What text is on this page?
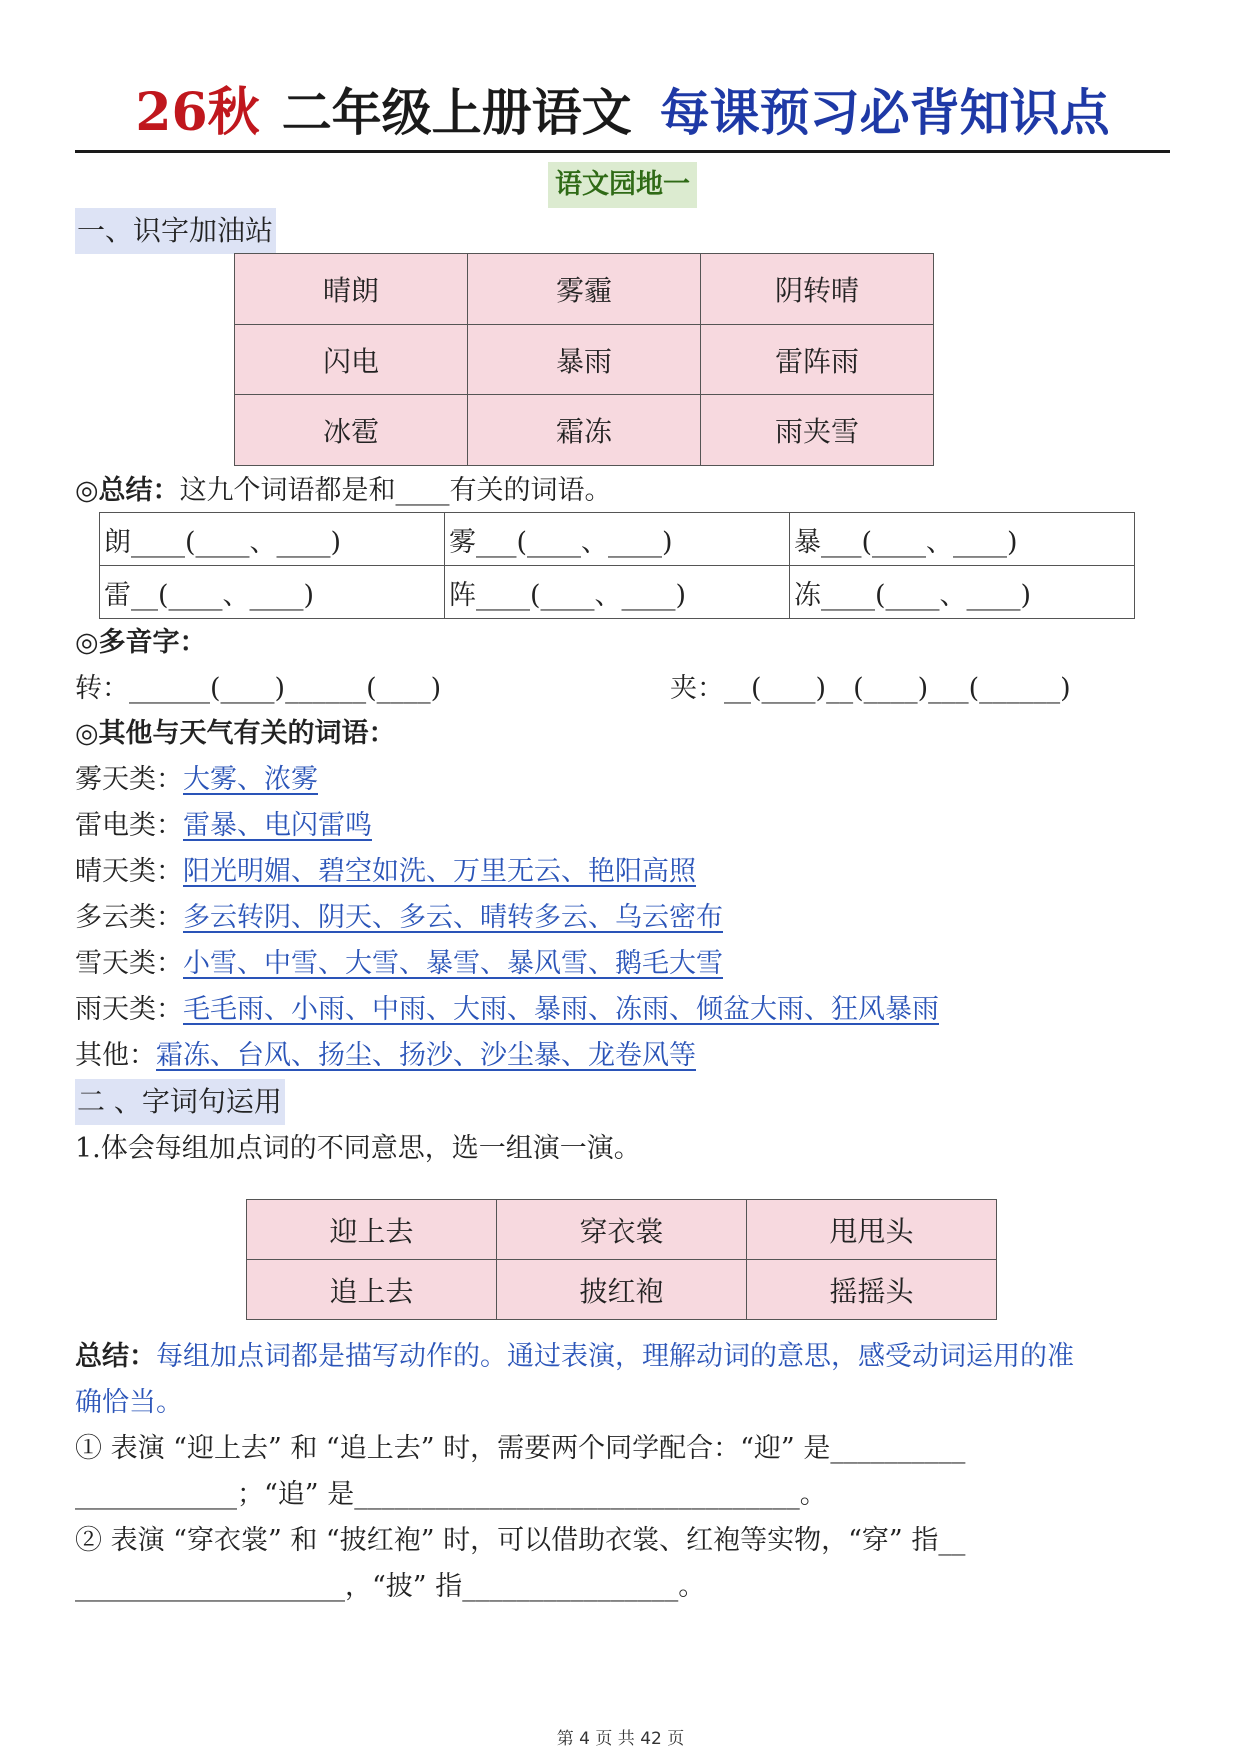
26秋 二年级上册语文 每课预习必背知识点
语文园地一
一、识字加油站
晴朗	雾霾	阴转晴
闪电	暴雨	雷阵雨
冰雹	霜冻	雨夹雪
◎总结：这九个词语都是和____有关的词语。
朗____(____、____)	雾___(____、____)	暴___(____、____)
雷__(____、____)	阵____(____、____)	冻____(____、____)
◎多音字：
转：______(____)______(____)	夹：__(____)__(____)___(______)
◎其他与天气有关的词语：
雾天类：大雾、浓雾
雷电类：雷暴、电闪雷鸣
晴天类：阳光明媚、碧空如洗、万里无云、艳阳高照
多云类：多云转阴、阴天、多云、晴转多云、乌云密布
雪天类：小雪、中雪、大雪、暴雪、暴风雪、鹅毛大雪
雨天类：毛毛雨、小雨、中雨、大雨、暴雨、冻雨、倾盆大雨、狂风暴雨
其他：霜冻、台风、扬尘、扬沙、沙尘暴、龙卷风等
二 、字词句运用
1.体会每组加点词的不同意思，选一组演一演。
迎上去	穿衣裳	甩甩头
追上去	披红袍	摇摇头
总结：每组加点词都是描写动作的。通过表演，理解动词的意思，感受动词运用的准
确恰当。
① 表演 “迎上去” 和 “追上去” 时，需要两个同学配合：“迎” 是__________
____________；“追” 是_________________________________。
② 表演 “穿衣裳” 和 “披红袍” 时，可以借助衣裳、红袍等实物，“穿” 指__
____________________，“披” 指________________。
第 4 页 共 42 页
